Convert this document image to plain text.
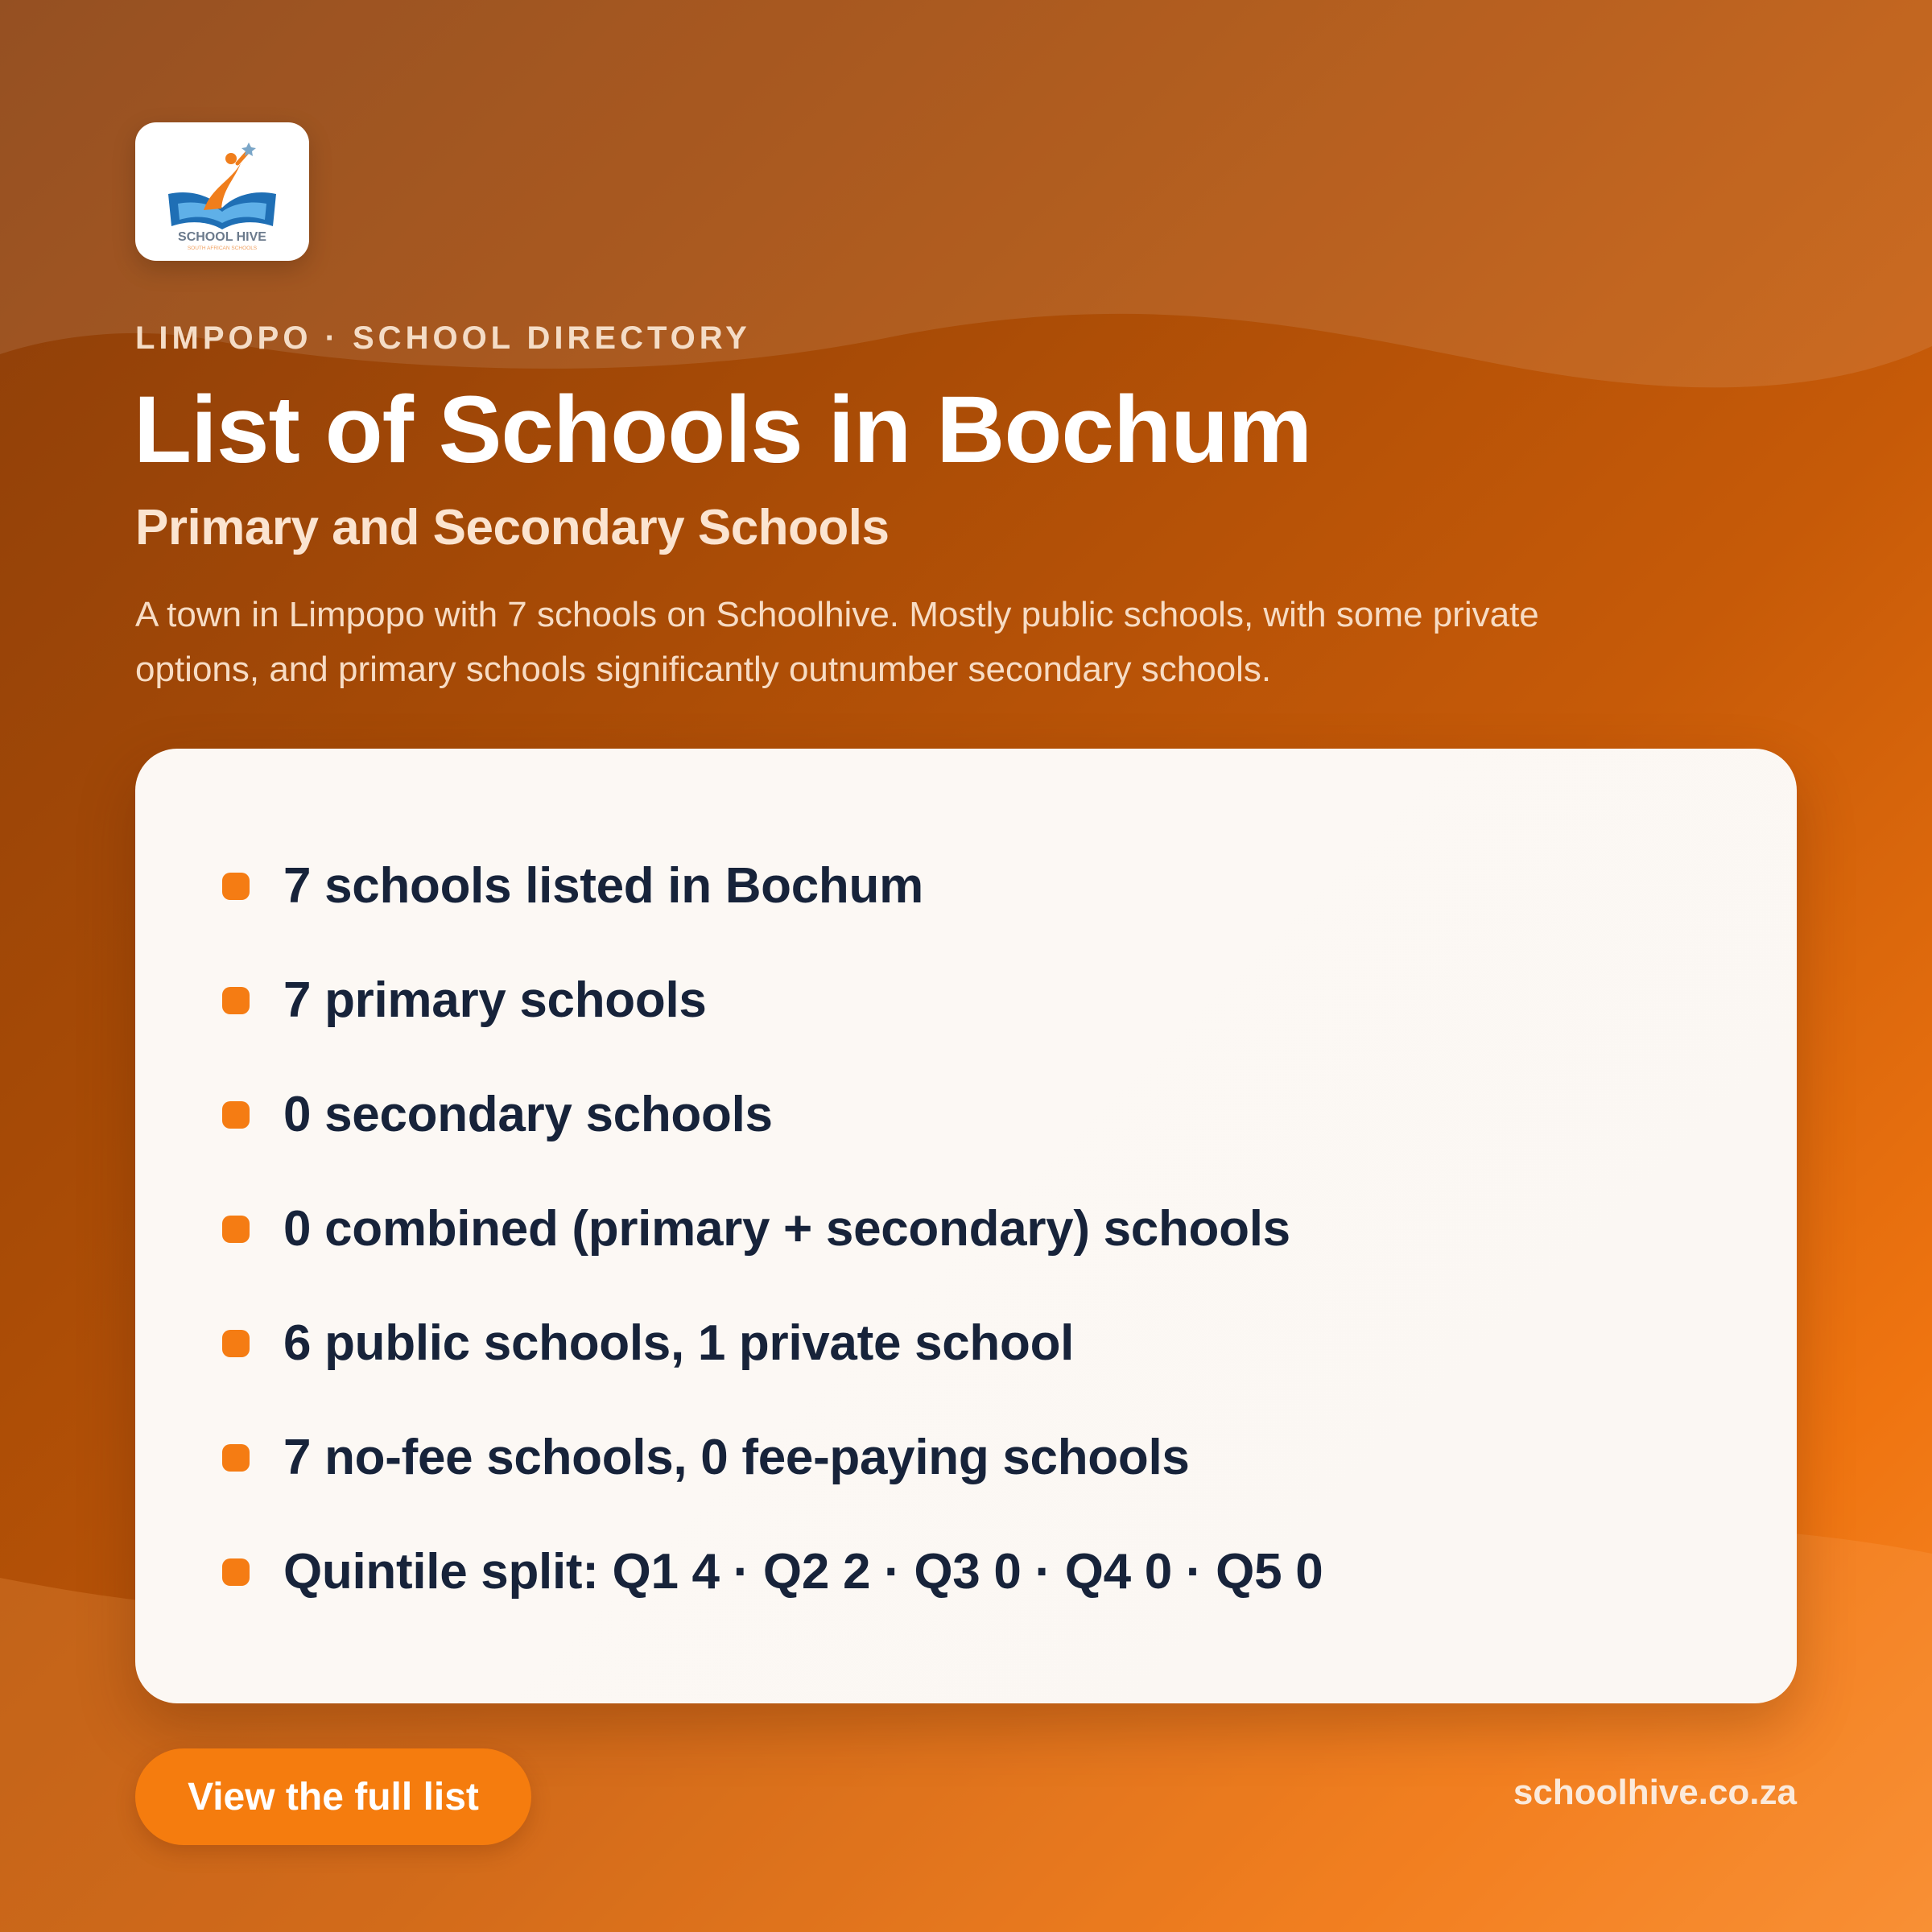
SCHOOL HIVE
SOUTH AFRICAN SCHOOLS
LIMPOPO · SCHOOL DIRECTORY
List of Schools in Bochum
Primary and Secondary Schools

A town in Limpopo with 7 schools on Schoolhive. Mostly public schools, with some private options, and primary schools significantly outnumber secondary schools.

7 schools listed in Bochum
7 primary schools
0 secondary schools
0 combined (primary + secondary) schools
6 public schools, 1 private school
7 no-fee schools, 0 fee-paying schools
Quintile split: Q1 4 · Q2 2 · Q3 0 · Q4 0 · Q5 0
View the full list	schoolhive.co.za
